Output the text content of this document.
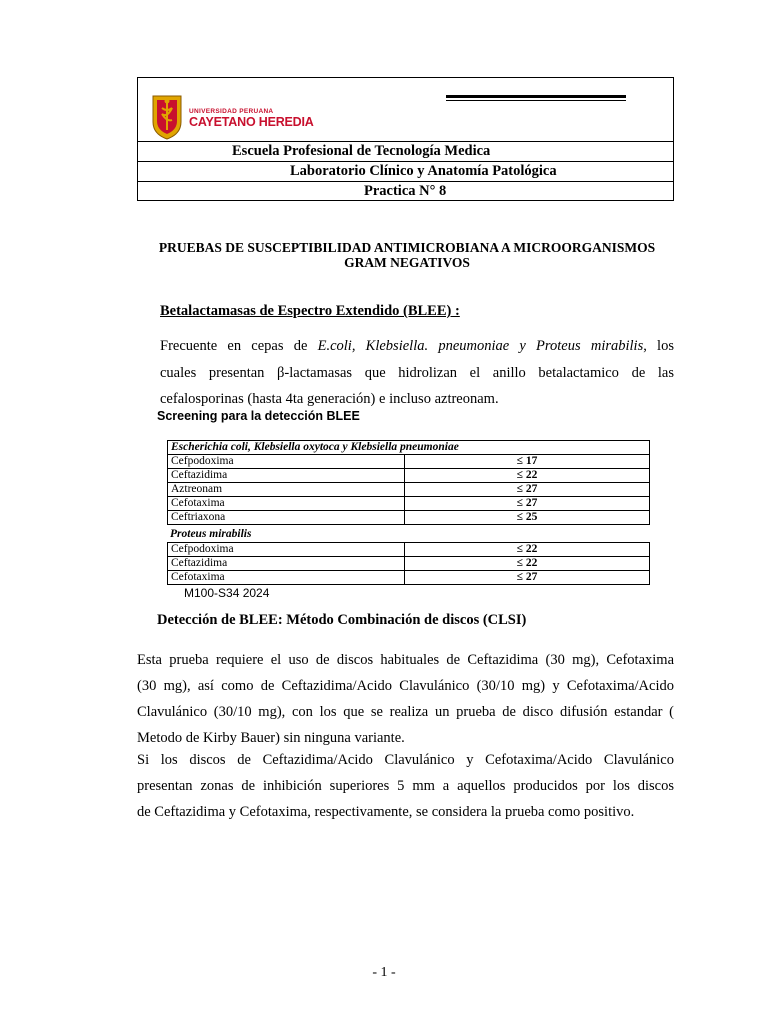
UNIVERSIDAD PERUANA
CAYETANO HEREDIA
Escuela Profesional de Tecnología Medica
Laboratorio Clínico y Anatomía Patológica
Practica N° 8
PRUEBAS DE SUSCEPTIBILIDAD ANTIMICROBIANA A MICROORGANISMOS
GRAM NEGATIVOS
Betalactamasas de Espectro Extendido (BLEE) :
Frecuente en cepas de E.coli, Klebsiella. pneumoniae y Proteus mirabilis, los
cuales presentan β-lactamasas que hidrolizan el anillo betalactamico de las
cefalosporinas (hasta 4ta generación) e incluso aztreonam.
Screening para la detección BLEE
Escherichia coli, Klebsiella oxytoca y Klebsiella pneumoniae	
Cefpodoxima	≤ 17
Ceftazidima	≤ 22
Aztreonam	≤ 27
Cefotaxima	≤ 27
Ceftriaxona	≤ 25
Proteus mirabilis
Cefpodoxima	≤ 22
Ceftazidima	≤ 22
Cefotaxima	≤ 27
M100-S34 2024
Detección de BLEE: Método Combinación de discos (CLSI)
Esta prueba requiere el uso de discos habituales de Ceftazidima (30 mg), Cefotaxima
(30 mg), así como de Ceftazidima/Acido Clavulánico (30/10 mg) y Cefotaxima/Acido
Clavulánico (30/10 mg), con los que se realiza un prueba de disco difusión estandar (
Metodo de Kirby Bauer) sin ninguna variante.
Si los discos de Ceftazidima/Acido Clavulánico y Cefotaxima/Acido Clavulánico
presentan zonas de inhibición superiores 5 mm a aquellos producidos por los discos
de Ceftazidima y Cefotaxima, respectivamente, se considera la prueba como positivo.
- 1 -
